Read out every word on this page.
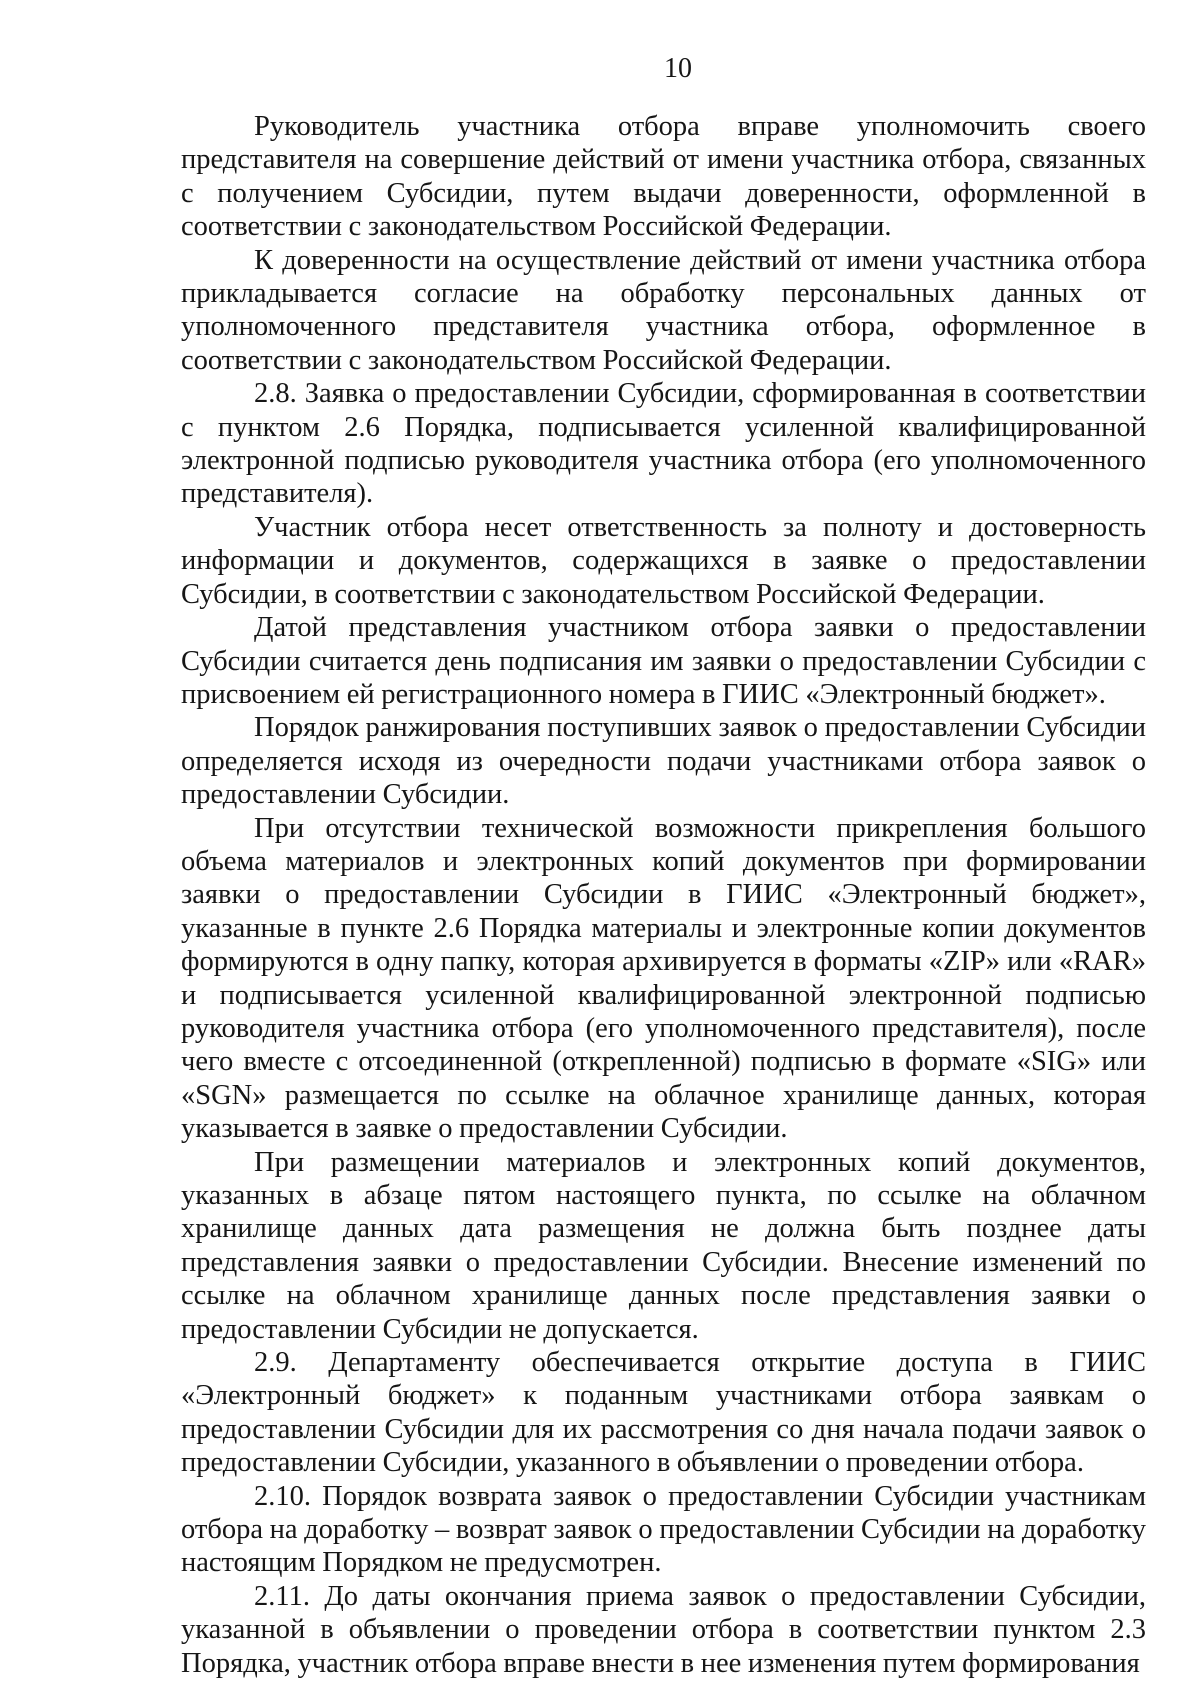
10

Руководитель участника отбора вправе уполномочить своего представителя на совершение действий от имени участника отбора, связанных с получением Субсидии, путем выдачи доверенности, оформленной в соответствии с законодательством Российской Федерации.

К доверенности на осуществление действий от имени участника отбора прикладывается согласие на обработку персональных данных от уполномоченного представителя участника отбора, оформленное в соответствии с законодательством Российской Федерации.

2.8. Заявка о предоставлении Субсидии, сформированная в соответствии с пунктом 2.6 Порядка, подписывается усиленной квалифицированной электронной подписью руководителя участника отбора (его уполномоченного представителя).

Участник отбора несет ответственность за полноту и достоверность информации и документов, содержащихся в заявке о предоставлении Субсидии, в соответствии с законодательством Российской Федерации.

Датой представления участником отбора заявки о предоставлении Субсидии считается день подписания им заявки о предоставлении Субсидии с присвоением ей регистрационного номера в ГИИС «Электронный бюджет».

Порядок ранжирования поступивших заявок о предоставлении Субсидии определяется исходя из очередности подачи участниками отбора заявок о предоставлении Субсидии.

При отсутствии технической возможности прикрепления большого объема материалов и электронных копий документов при формировании заявки о предоставлении Субсидии в ГИИС «Электронный бюджет», указанные в пункте 2.6 Порядка материалы и электронные копии документов формируются в одну папку, которая архивируется в форматы «ZIP» или «RAR» и подписывается усиленной квалифицированной электронной подписью руководителя участника отбора (его уполномоченного представителя), после чего вместе с отсоединенной (открепленной) подписью в формате «SIG» или «SGN» размещается по ссылке на облачное хранилище данных, которая указывается в заявке о предоставлении Субсидии.

При размещении материалов и электронных копий документов, указанных в абзаце пятом настоящего пункта, по ссылке на облачном хранилище данных дата размещения не должна быть позднее даты представления заявки о предоставлении Субсидии. Внесение изменений по ссылке на облачном хранилище данных после представления заявки о предоставлении Субсидии не допускается.

2.9. Департаменту обеспечивается открытие доступа в ГИИС «Электронный бюджет» к поданным участниками отбора заявкам о предоставлении Субсидии для их рассмотрения со дня начала подачи заявок о предоставлении Субсидии, указанного в объявлении о проведении отбора.

2.10. Порядок возврата заявок о предоставлении Субсидии участникам отбора на доработку – возврат заявок о предоставлении Субсидии на доработку настоящим Порядком не предусмотрен.

2.11. До даты окончания приема заявок о предоставлении Субсидии, указанной в объявлении о проведении отбора в соответствии пунктом 2.3 Порядка, участник отбора вправе внести в нее изменения путем формирования
